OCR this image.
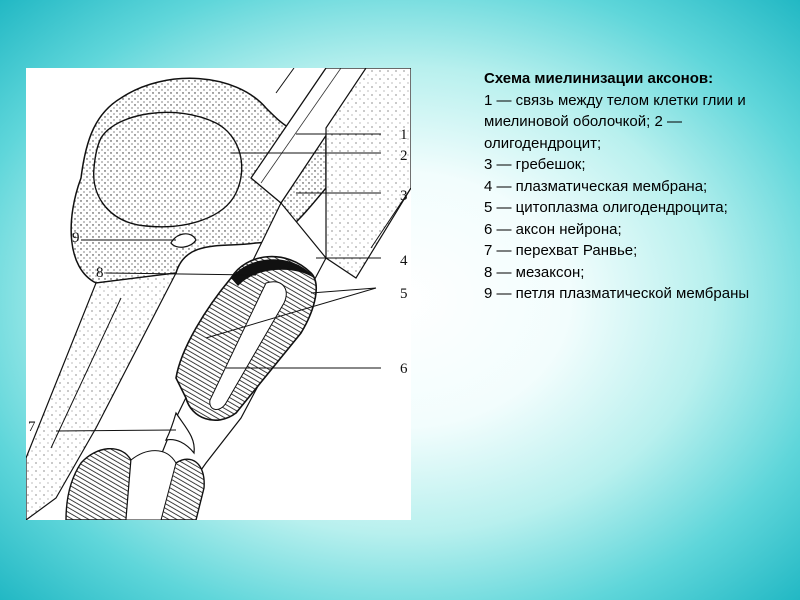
1
2
3
4
5
6
7
8
9
Схема миелинизации аксонов:
1 — связь между телом клетки глии и миелиновой оболочкой; 2 — олигодендроцит;
3 — гребешок;
4 — плазматическая мембрана;
5 — цитоплазма олигодендроцита;
6 — аксон нейрона;
7 — перехват Ранвье;
8 — мезаксон;
9 — петля плазматической мембраны
